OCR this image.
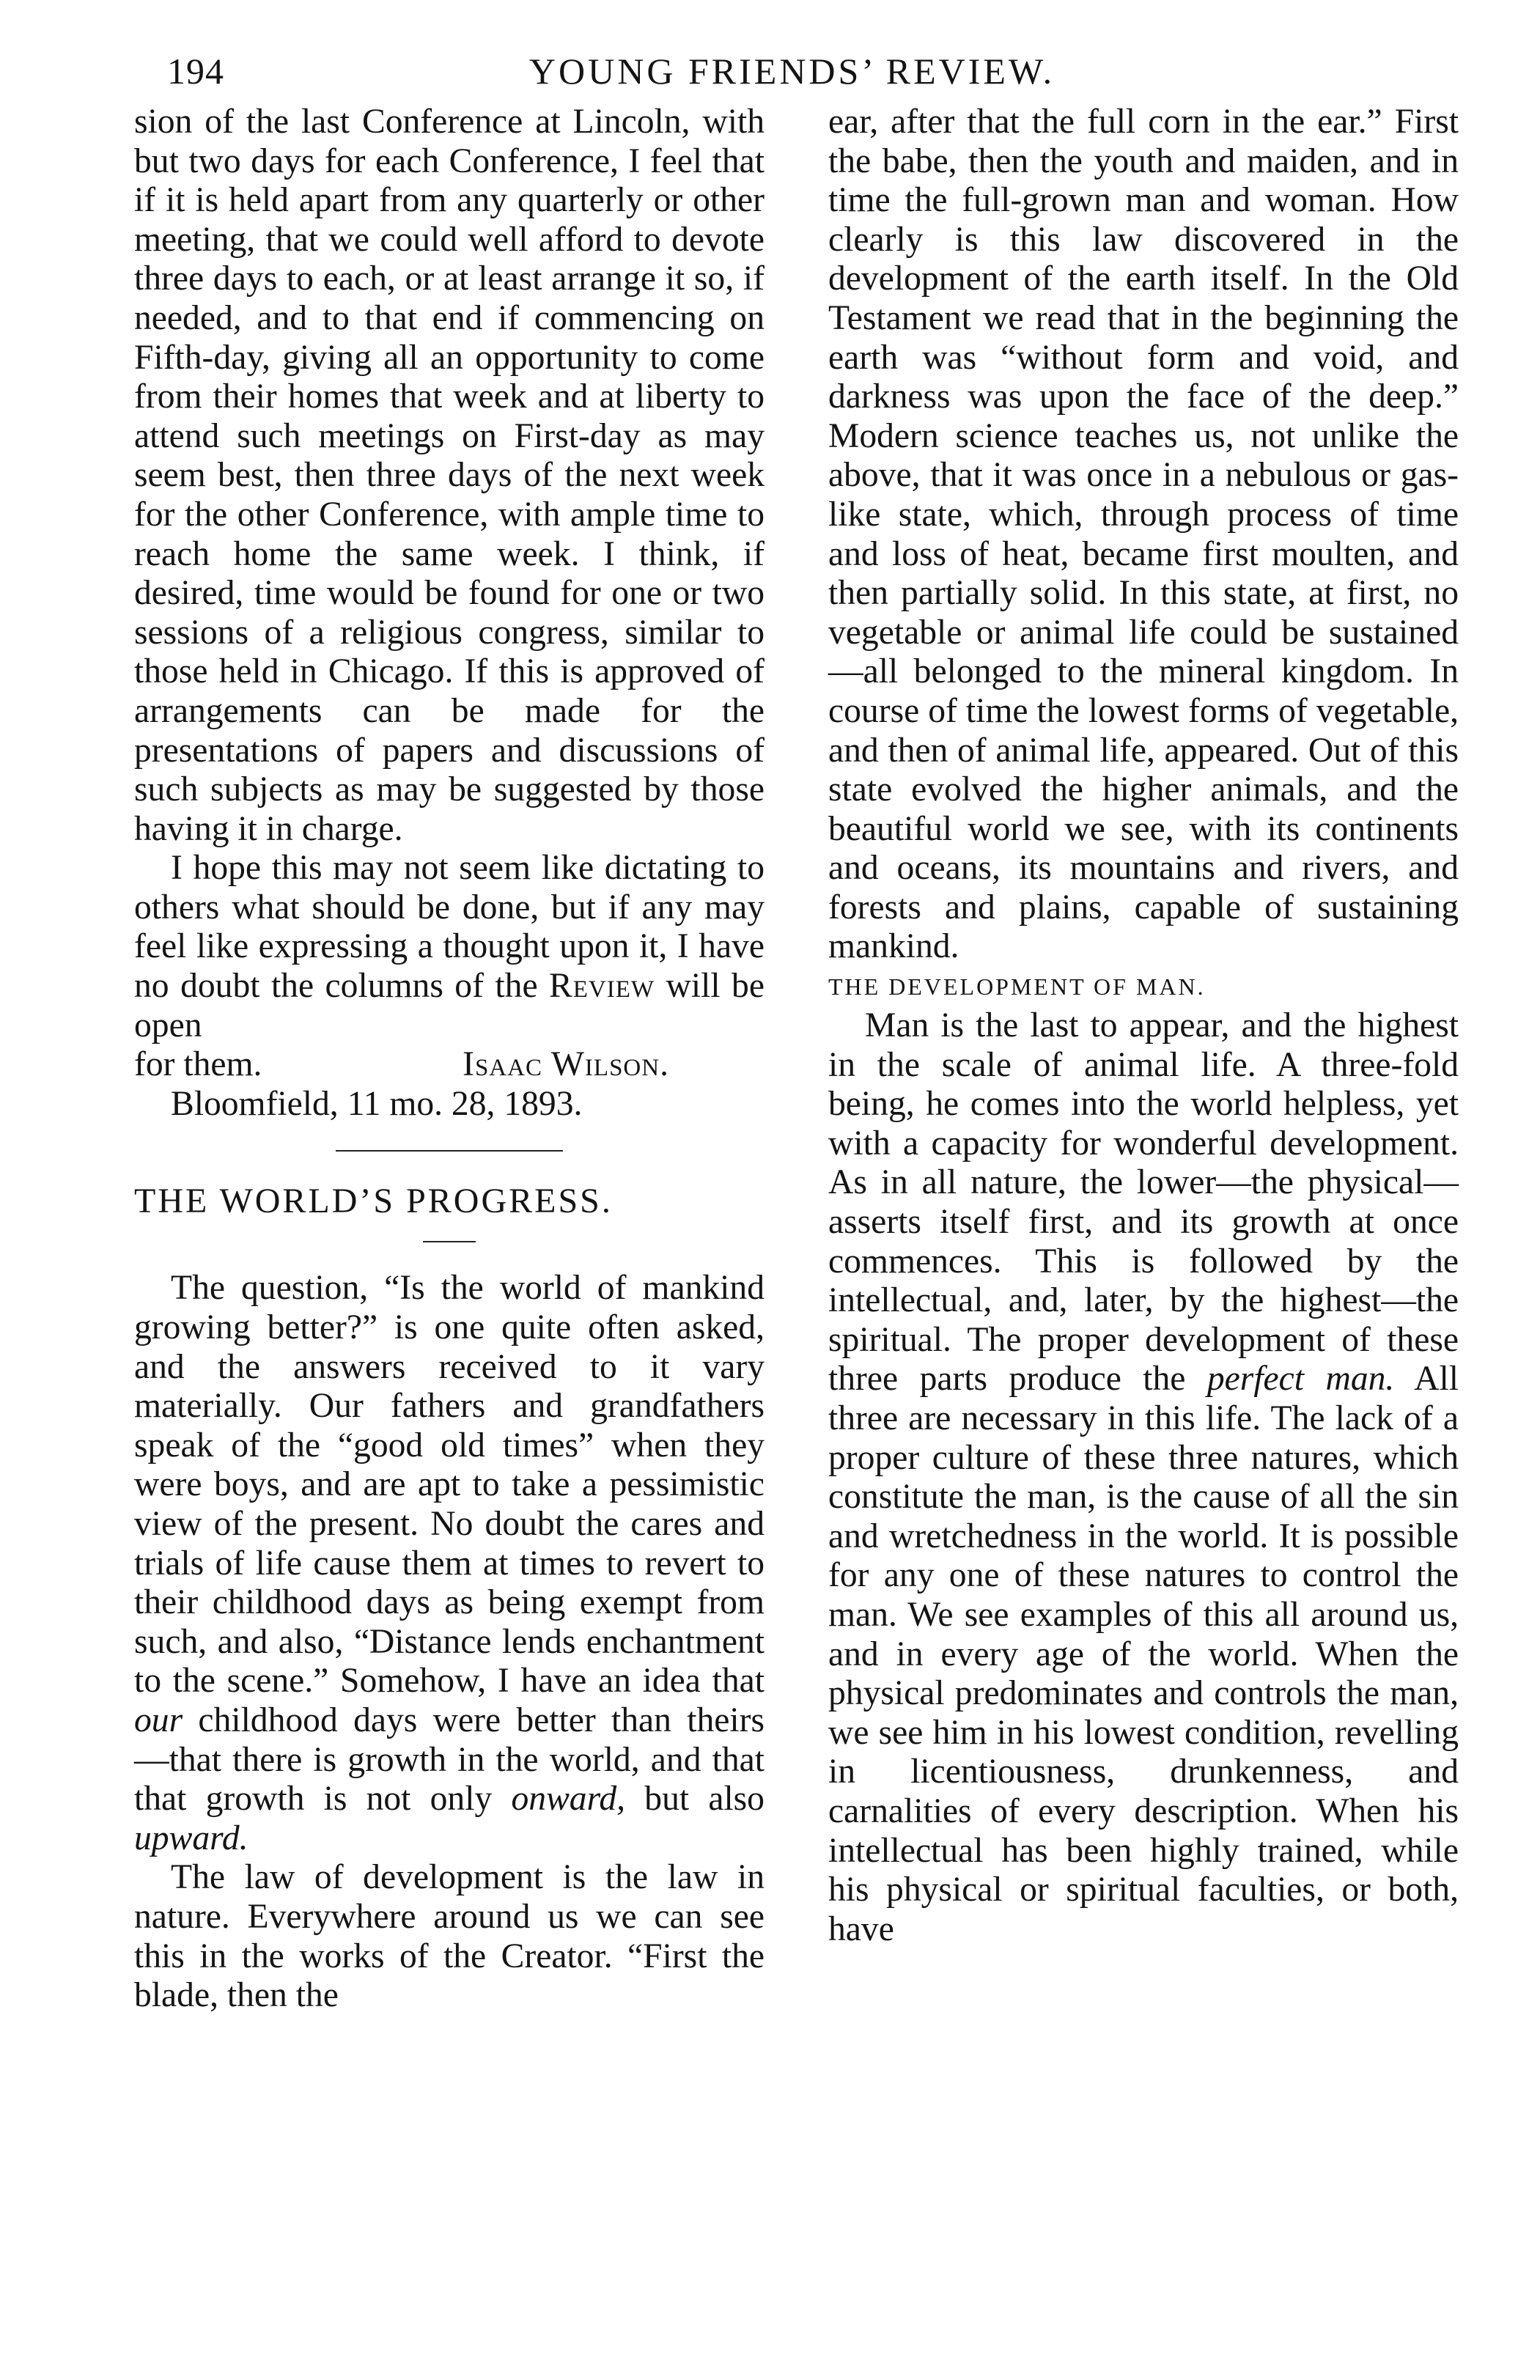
194	YOUNG FRIENDS’ REVIEW.

sion of the last Conference at Lincoln, with but two days for each Conference, I feel that if it is held apart from any quarterly or other meeting, that we could well afford to devote three days to each, or at least arrange it so, if needed, and to that end if commencing on Fifth-day, giving all an opportunity to come from their homes that week and at liberty to attend such meetings on First-day as may seem best, then three days of the next week for the other Conference, with ample time to reach home the same week. I think, if desired, time would be found for one or two sessions of a religious congress, similar to those held in Chicago. If this is approved of arrangements can be made for the presentations of papers and discussions of such subjects as may be suggested by those having it in charge.

I hope this may not seem like dictating to others what should be done, but if any may feel like expressing a thought upon it, I have no doubt the columns of the Review will be open

for them.	Isaac Wilson.

Bloomfield, 11 mo. 28, 1893.

THE WORLD’S PROGRESS.

The question, “Is the world of mankind growing better?” is one quite often asked, and the answers received to it vary materially. Our fathers and grandfathers speak of the “good old times” when they were boys, and are apt to take a pessimistic view of the present. No doubt the cares and trials of life cause them at times to revert to their childhood days as being exempt from such, and also, “Distance lends enchantment to the scene.” Somehow, I have an idea that our childhood days were better than theirs —that there is growth in the world, and that that growth is not only onward, but also upward.

The law of development is the law in nature. Everywhere around us we can see this in the works of the Creator. “First the blade, then the

ear, after that the full corn in the ear.” First the babe, then the youth and maiden, and in time the full-grown man and woman. How clearly is this law discovered in the development of the earth itself. In the Old Testament we read that in the beginning the earth was “without form and void, and darkness was upon the face of the deep.” Modern science teaches us, not unlike the above, that it was once in a nebulous or gas-like state, which, through process of time and loss of heat, became first moulten, and then partially solid. In this state, at first, no vegetable or animal life could be sustained—all belonged to the mineral kingdom. In course of time the lowest forms of vegetable, and then of animal life, appeared. Out of this state evolved the higher animals, and the beautiful world we see, with its continents and oceans, its mountains and rivers, and forests and plains, capable of sustaining mankind.

THE DEVELOPMENT OF MAN.

Man is the last to appear, and the highest in the scale of animal life. A three-fold being, he comes into the world helpless, yet with a capacity for wonderful development. As in all nature, the lower—the physical—asserts itself first, and its growth at once commences. This is followed by the intellectual, and, later, by the highest—the spiritual. The proper development of these three parts produce the perfect man. All three are necessary in this life. The lack of a proper culture of these three natures, which constitute the man, is the cause of all the sin and wretchedness in the world. It is possible for any one of these natures to control the man. We see examples of this all around us, and in every age of the world. When the physical predominates and controls the man, we see him in his lowest condition, revelling in licentiousness, drunkenness, and carnalities of every description. When his intellectual has been highly trained, while his physical or spiritual faculties, or both, have
